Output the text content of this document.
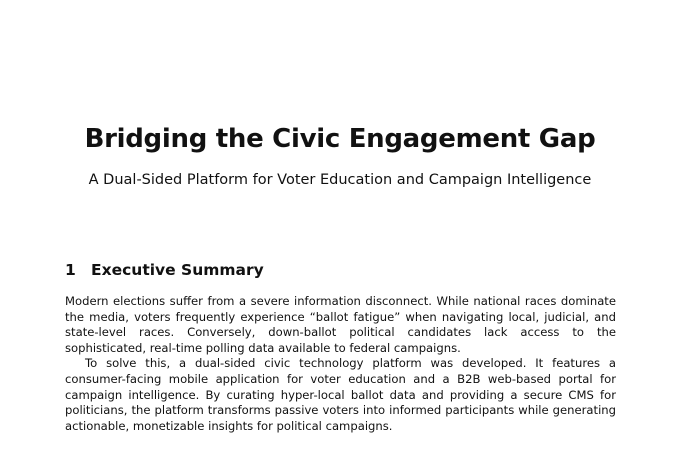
Bridging the Civic Engagement Gap
A Dual-Sided Platform for Voter Education and Campaign Intelligence
1 Executive Summary

Modern elections suffer from a severe information disconnect. While national races dominate the media, voters frequently experience “ballot fatigue” when navigating local, judicial, and state-level races. Conversely, down-ballot political candidates lack access to the sophisticated, real-time polling data available to federal campaigns.

To solve this, a dual-sided civic technology platform was developed. It features a consumer-facing mobile application for voter education and a B2B web-based portal for campaign intelligence. By curating hyper-local ballot data and providing a secure CMS for politicians, the platform transforms passive voters into informed participants while generating actionable, monetizable insights for political campaigns.
